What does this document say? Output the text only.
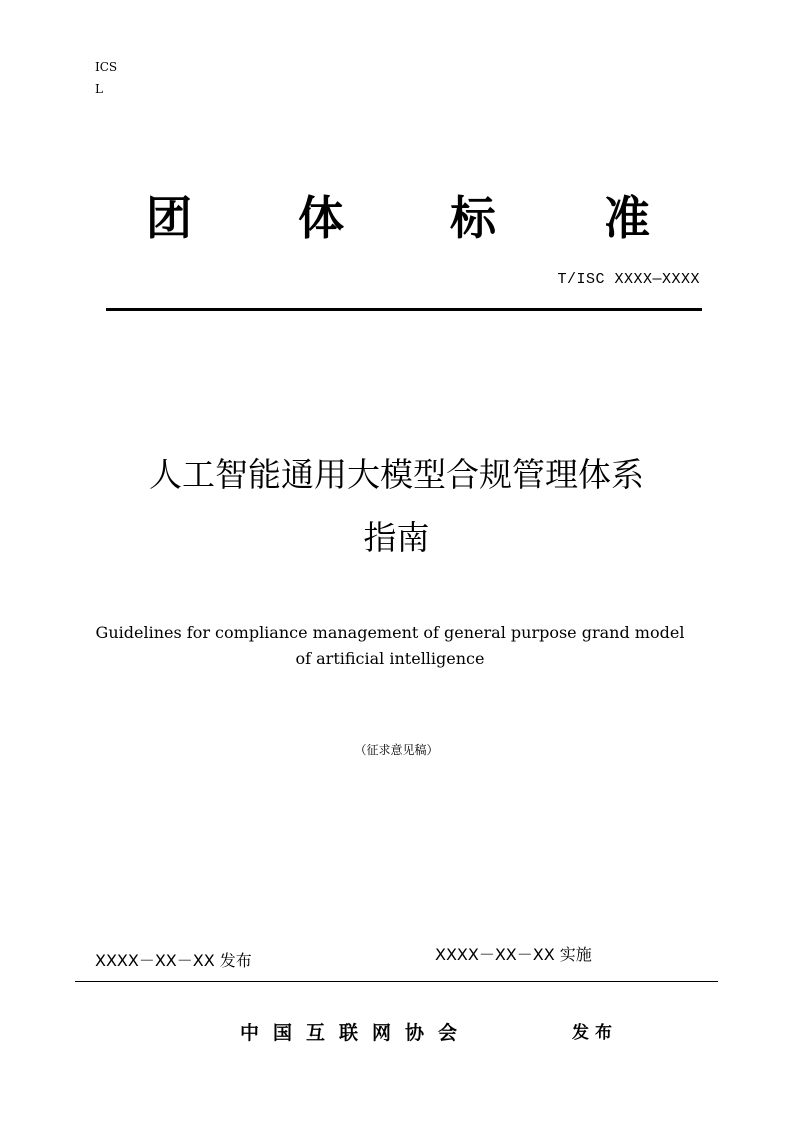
ICS
L
团 体 标 准
T/ISC XXXX—XXXX
人工智能通用大模型合规管理体系
指南
Guidelines for compliance management of general purpose grand model of artificial intelligence
（征求意见稿）
XXXX－XX－XX 发布	XXXX－XX－XX 实施
中国互联网协会	发布
